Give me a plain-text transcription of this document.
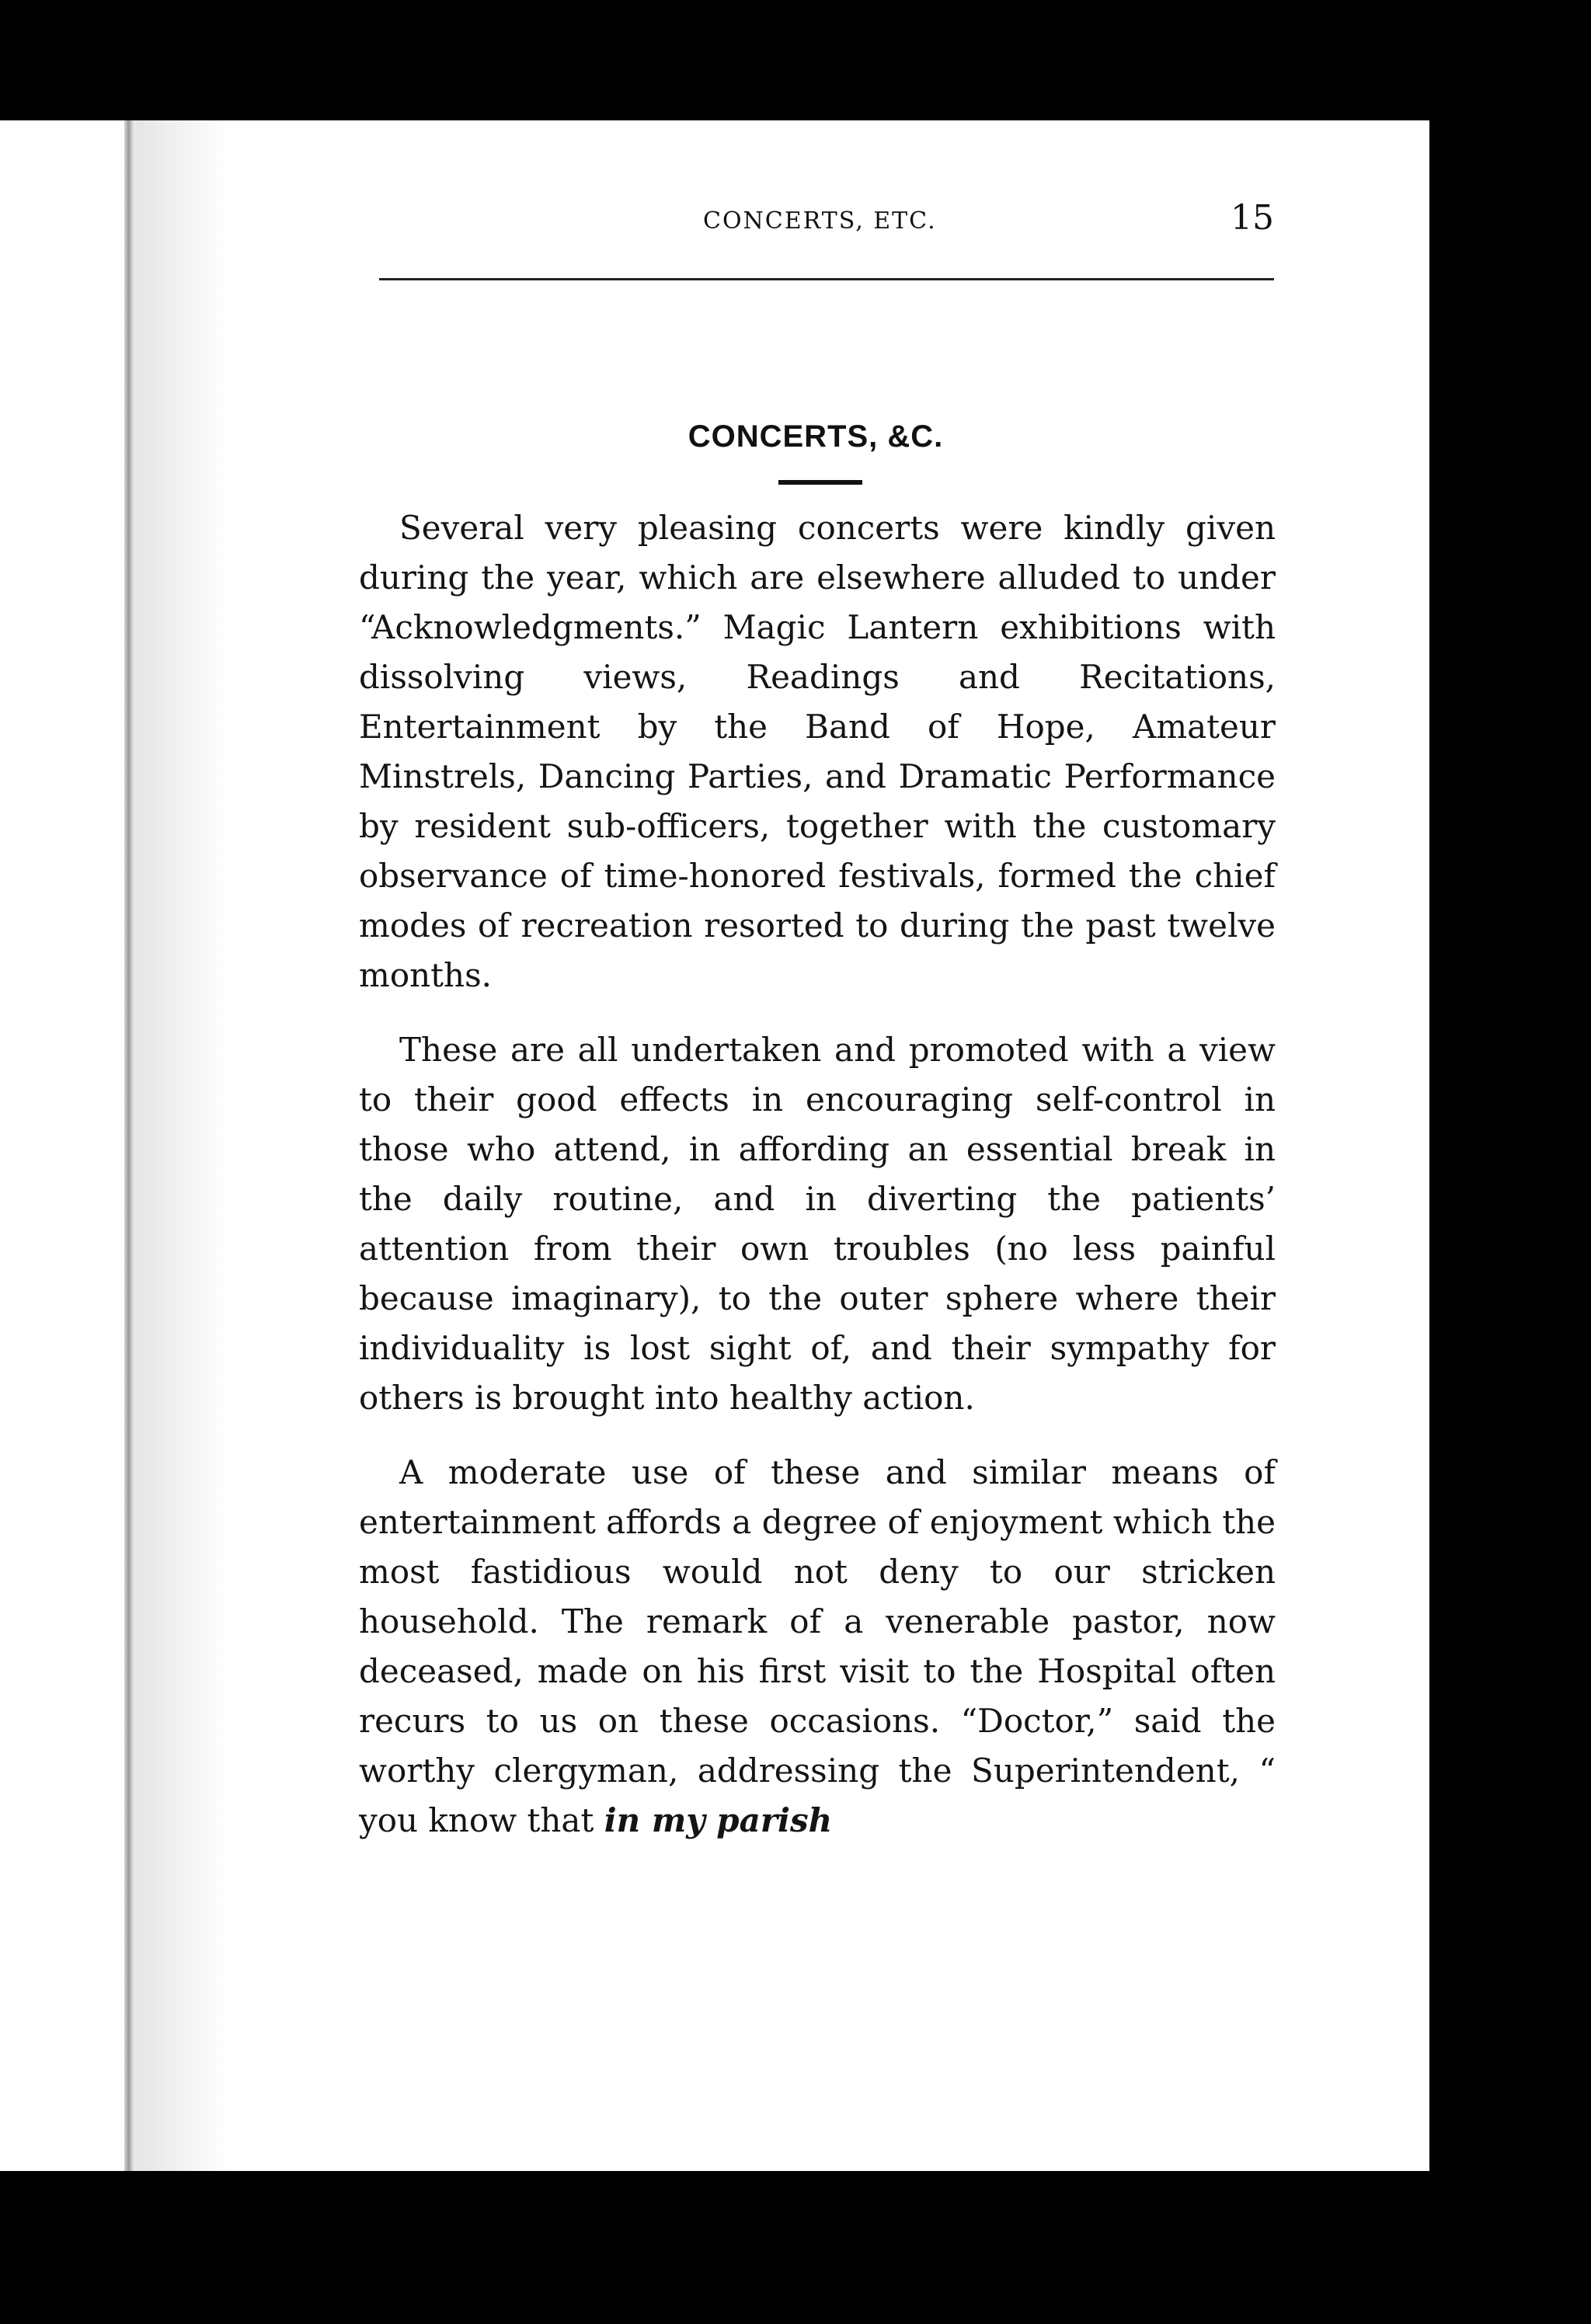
CONCERTS, ETC.	15
CONCERTS, &C.

Several very pleasing concerts were kindly given during the year, which are elsewhere alluded to under “Acknowledgments.” Magic Lantern exhibitions with dissolving views, Readings and Recitations, Entertainment by the Band of Hope, Amateur Minstrels, Dancing Parties, and Dramatic Performance by resident sub-officers, together with the customary observance of time-honored festivals, formed the chief modes of recreation resorted to during the past twelve months.

These are all undertaken and promoted with a view to their good effects in encouraging self-control in those who attend, in affording an essential break in the daily routine, and in diverting the patients’ attention from their own troubles (no less painful because imaginary), to the outer sphere where their individuality is lost sight of, and their sympathy for others is brought into healthy action.

A moderate use of these and similar means of entertainment affords a degree of enjoyment which the most fastidious would not deny to our stricken household. The remark of a venerable pastor, now deceased, made on his first visit to the Hospital often recurs to us on these occasions. “Doctor,” said the worthy clergyman, addressing the Superintendent, “ you know that in my parish
